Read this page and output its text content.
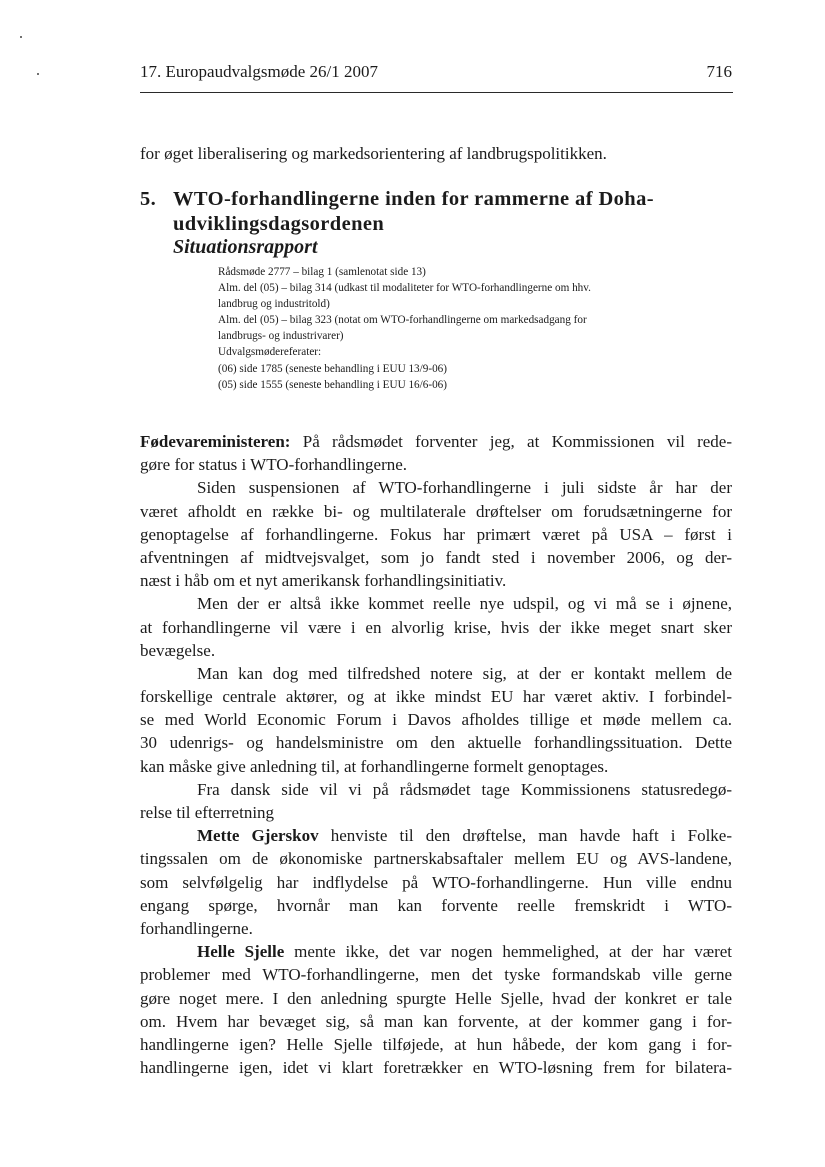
17. Europaudvalgsmøde 26/1 2007	716
for øget liberalisering og markedsorientering af landbrugspolitikken.
5. WTO-forhandlingerne inden for rammerne af Doha-
udviklingsdagsordenen
Situationsrapport
Rådsmøde 2777 – bilag 1 (samlenotat side 13)
Alm. del (05) – bilag 314 (udkast til modaliteter for WTO-forhandlingerne om hhv.
landbrug og industritold)
Alm. del (05) – bilag 323 (notat om WTO-forhandlingerne om markedsadgang for
landbrugs- og industrivarer)
Udvalgsmødereferater:
(06) side 1785 (seneste behandling i EUU 13/9-06)
(05) side 1555 (seneste behandling i EUU 16/6-06)
Fødevareministeren: På rådsmødet forventer jeg, at Kommissionen vil rede-
gøre for status i WTO-forhandlingerne.
Siden suspensionen af WTO-forhandlingerne i juli sidste år har der
været afholdt en række bi- og multilaterale drøftelser om forudsætningerne for
genoptagelse af forhandlingerne. Fokus har primært været på USA – først i
afventningen af midtvejsvalget, som jo fandt sted i november 2006, og der-
næst i håb om et nyt amerikansk forhandlingsinitiativ.
Men der er altså ikke kommet reelle nye udspil, og vi må se i øjnene,
at forhandlingerne vil være i en alvorlig krise, hvis der ikke meget snart sker
bevægelse.
Man kan dog med tilfredshed notere sig, at der er kontakt mellem de
forskellige centrale aktører, og at ikke mindst EU har været aktiv. I forbindel-
se med World Economic Forum i Davos afholdes tillige et møde mellem ca.
30 udenrigs- og handelsministre om den aktuelle forhandlingssituation. Dette
kan måske give anledning til, at forhandlingerne formelt genoptages.
Fra dansk side vil vi på rådsmødet tage Kommissionens statusredegø-
relse til efterretning
Mette Gjerskov henviste til den drøftelse, man havde haft i Folke-
tingssalen om de økonomiske partnerskabsaftaler mellem EU og AVS-landene,
som selvfølgelig har indflydelse på WTO-forhandlingerne. Hun ville endnu
engang spørge, hvornår man kan forvente reelle fremskridt i WTO-
forhandlingerne.
Helle Sjelle mente ikke, det var nogen hemmelighed, at der har været
problemer med WTO-forhandlingerne, men det tyske formandskab ville gerne
gøre noget mere. I den anledning spurgte Helle Sjelle, hvad der konkret er tale
om. Hvem har bevæget sig, så man kan forvente, at der kommer gang i for-
handlingerne igen? Helle Sjelle tilføjede, at hun håbede, der kom gang i for-
handlingerne igen, idet vi klart foretrækker en WTO-løsning frem for bilatera-
